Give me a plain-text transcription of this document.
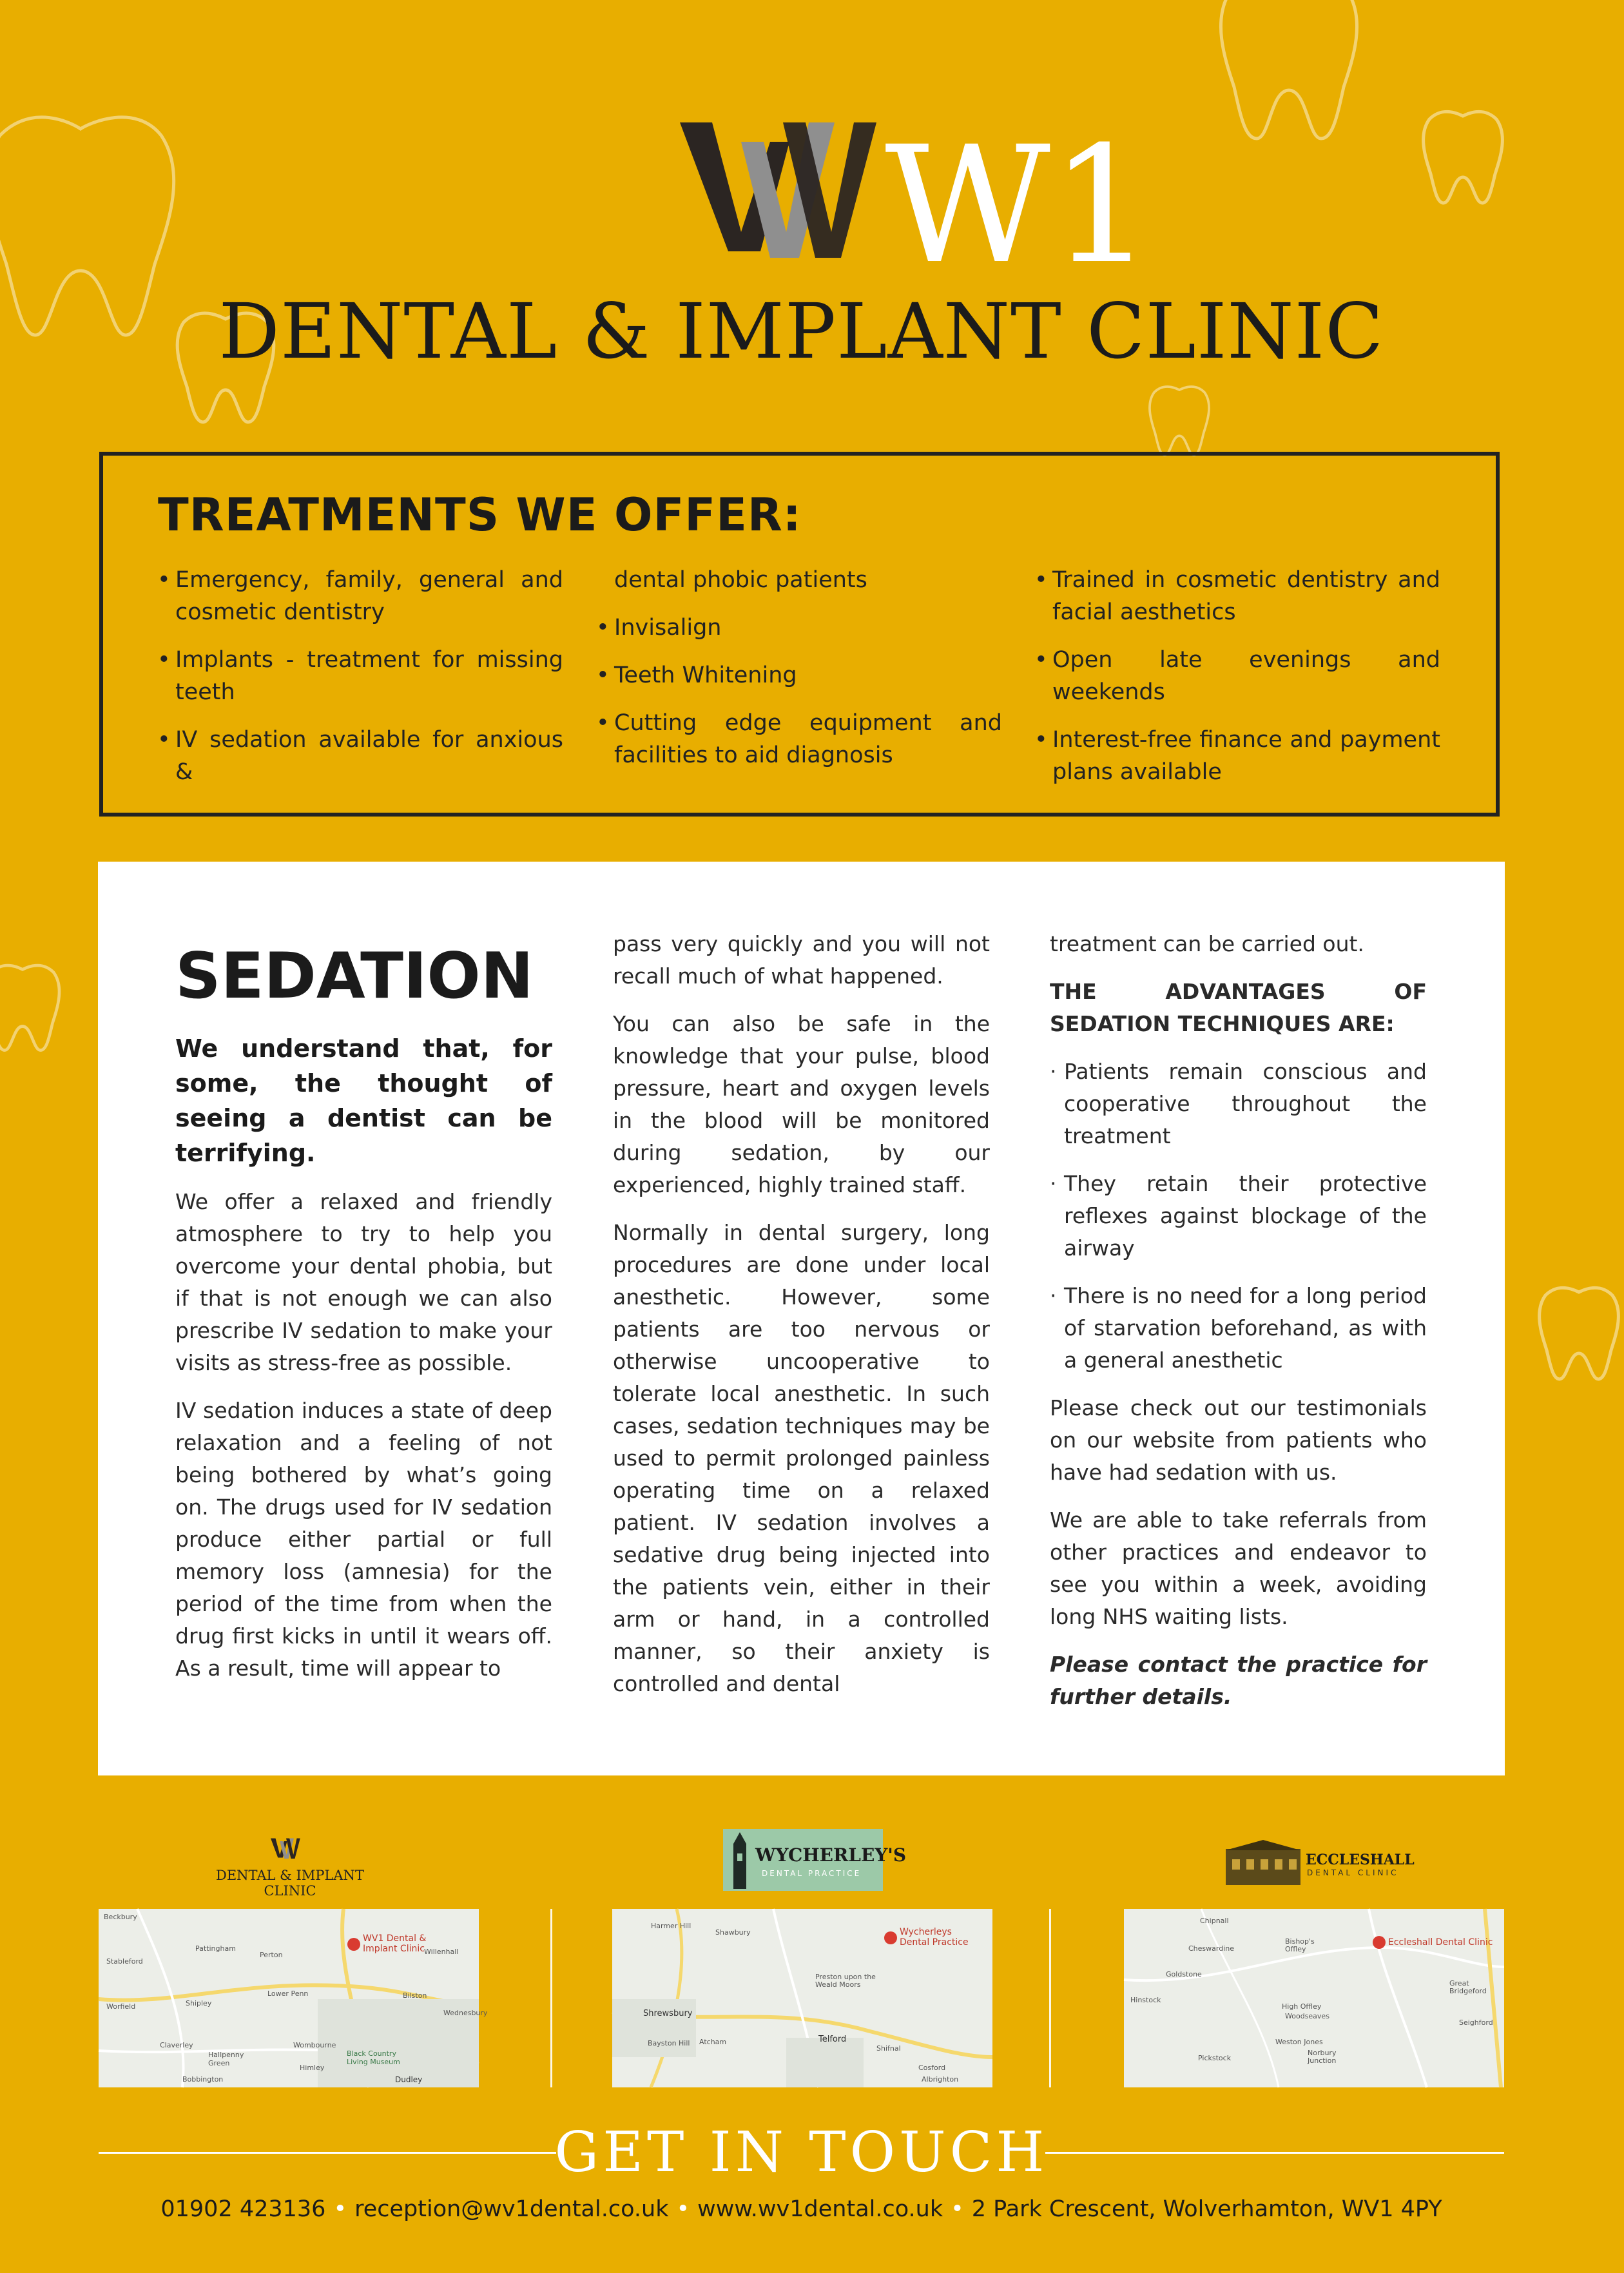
W1
DENTAL & IMPLANT CLINIC
TREATMENTS WE OFFER:
• Emergency, family, general and cosmetic dentistry
• Implants - treatment for missing teeth
• IV sedation available for anxious &
dental phobic patients
• Invisalign
• Teeth Whitening
• Cutting edge equipment and facilities to aid diagnosis
• Trained in cosmetic dentistry and facial aesthetics
• Open late evenings and weekends
• Interest-free finance and payment plans available
SEDATION

We understand that, for some, the thought of seeing a dentist can be terrifying.

We offer a relaxed and friendly atmosphere to try to help you overcome your dental phobia, but if that is not enough we can also prescribe IV sedation to make your visits as stress-free as possible.

IV sedation induces a state of deep relaxation and a feeling of not being bothered by what’s going on. The drugs used for IV sedation produce either partial or full memory loss (amnesia) for the period of the time from when the drug first kicks in until it wears off. As a result, time will appear to

pass very quickly and you will not recall much of what happened.

You can also be safe in the knowledge that your pulse, blood pressure, heart and oxygen levels in the blood will be monitored during sedation, by our experienced, highly trained staff.

Normally in dental surgery, long procedures are done under local anesthetic. However, some patients are too nervous or otherwise uncooperative to tolerate local anesthetic. In such cases, sedation techniques may be used to permit prolonged painless operating time on a relaxed patient. IV sedation involves a sedative drug being injected into the patients vein, either in their arm or hand, in a controlled manner, so their anxiety is controlled and dental

treatment can be carried out.

THE ADVANTAGES OF SEDATION TECHNIQUES ARE:

· Patients remain conscious and cooperative throughout the treatment
· They retain their protective reflexes against blockage of the airway
· There is no need for a long period of starvation beforehand, as with a general anesthetic

Please check out our testimonials on our website from patients who have had sedation with us.

We are able to take referrals from other practices and endeavor to see you within a week, avoiding long NHS waiting lists.

Please contact the practice for further details.

DENTAL & IMPLANT CLINIC
WYCHERLEY'S
DENTAL PRACTICE
ECCLESHALL
DENTAL CLINIC
WV1 Dental & Implant Clinic
Beckbury
Pattingham
Perton
Stableford
Willenhall
Worfield	Shipley
Lower Penn	Bilston
Claverley
Wednesbury
Hallpenny Green
Wombourne
Himley
Black Country Living Museum
Bobbington	Dudley
Wycherleys Dental Practice
Harmer Hill
Shawbury
Preston upon the Weald Moors
Shrewsbury
Bayston Hill Atcham	Telford
Shifnal
Cosford
Albrighton
Eccleshall Dental Clinic
Chipnall
Cheswardine
Bishop's Offley
Goldstone
Hinstock
High Offley
Woodseaves
Great Bridgeford
Seighford
Weston Jones
Pickstock
Norbury Junction
GET IN TOUCH
01902 423136 • reception@wv1dental.co.uk • www.wv1dental.co.uk • 2 Park Crescent, Wolverhamton, WV1 4PY
